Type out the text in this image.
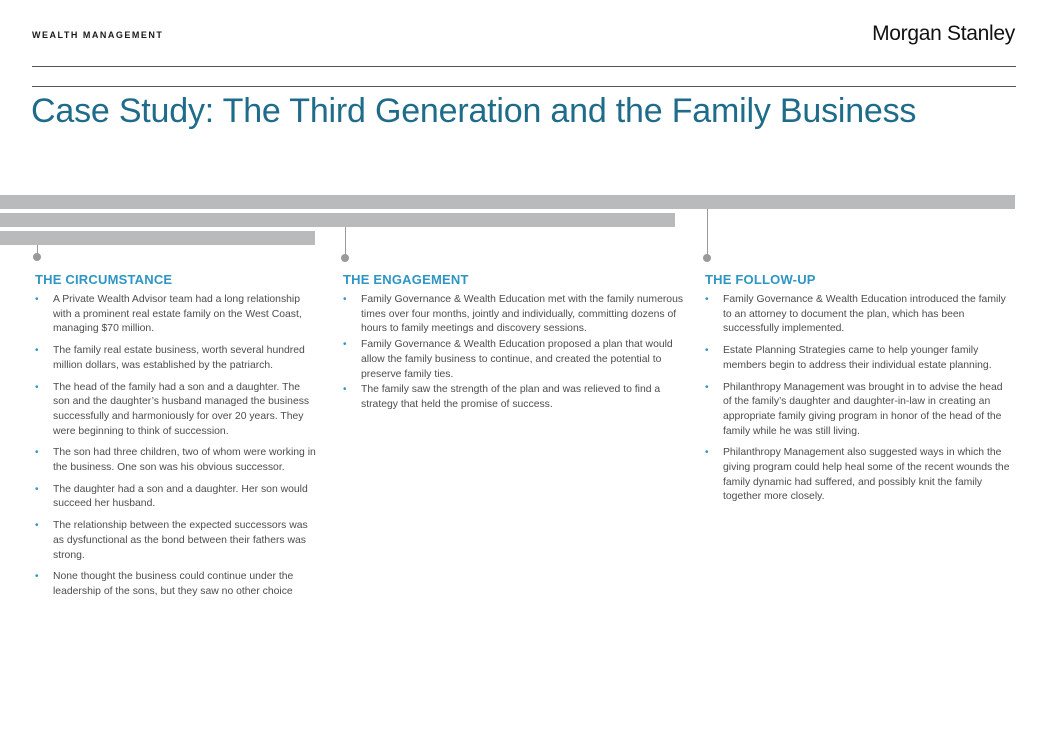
WEALTH MANAGEMENT	Morgan Stanley
Case Study: The Third Generation and the Family Business
THE CIRCUMSTANCE
• A Private Wealth Advisor team had a long relationship with a prominent real estate family on the West Coast, managing $70 million.
• The family real estate business, worth several hundred million dollars, was established by the patriarch.
• The head of the family had a son and a daughter. The son and the daughter’s husband managed the business successfully and harmoniously for over 20 years. They were beginning to think of succession.
• The son had three children, two of whom were working in the business. One son was his obvious successor.
• The daughter had a son and a daughter. Her son would succeed her husband.
• The relationship between the expected successors was as dysfunctional as the bond between their fathers was strong.
• None thought the business could continue under the leadership of the sons, but they saw no other choice
THE ENGAGEMENT
• Family Governance & Wealth Education met with the family numerous times over four months, jointly and individually, committing dozens of hours to family meetings and discovery sessions.
• Family Governance & Wealth Education proposed a plan that would allow the family business to continue, and created the potential to preserve family ties.
• The family saw the strength of the plan and was relieved to find a strategy that held the promise of success.
THE FOLLOW-UP
• Family Governance & Wealth Education introduced the family to an attorney to document the plan, which has been successfully implemented.
• Estate Planning Strategies came to help younger family members begin to address their individual estate planning.
• Philanthropy Management was brought in to advise the head of the family’s daughter and daughter-in-law in creating an appropriate family giving program in honor of the head of the family while he was still living.
• Philanthropy Management also suggested ways in which the giving program could help heal some of the recent wounds the family dynamic had suffered, and possibly knit the family together more closely.
